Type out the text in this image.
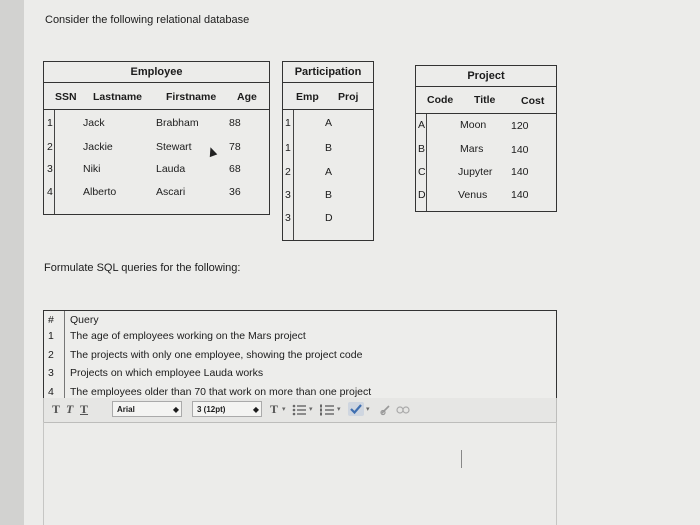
Consider the following relational database
Employee
SSN Lastname Firstname Age
1	Jack	Brabham	88
2	Jackie	Stewart	78
3	Niki	Lauda	68
4	Alberto	Ascari	36
Participation
Emp Proj
1	A
1	B
2	A
3	B
3	D
Project
Code Title Cost
A	Moon 120
B	Mars	140
C	Jupyter 140
D	Venus 140
Formulate SQL queries for the following:
# Query
1 The age of employees working on the Mars project
2 The projects with only one employee, showing the project code
3 Projects on which employee Lauda works
4 The employees older than 70 that work on more than one project
T T T	Arial	◆	3 (12pt)	◆ T ▾	▾	▾	▾
